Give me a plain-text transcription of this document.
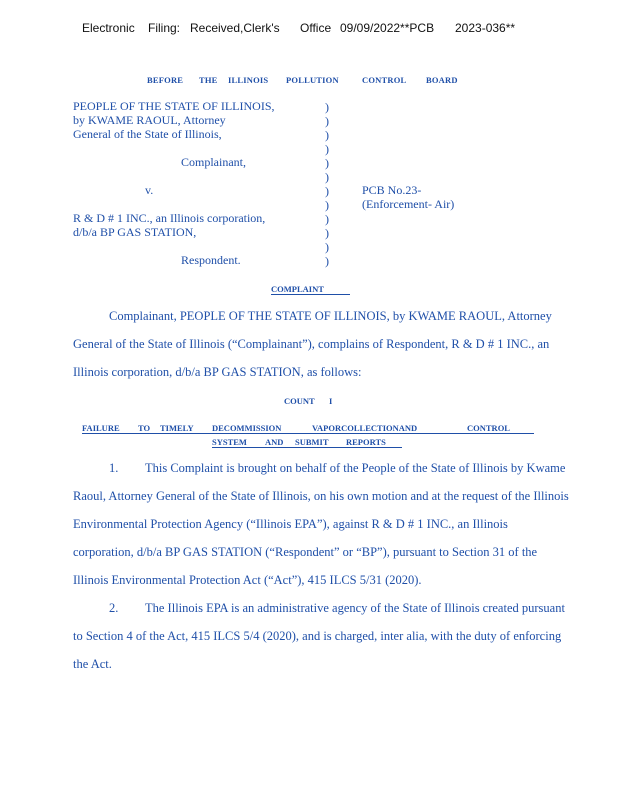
Electronic Filing: Received,Clerk's Office 09/09/2022**PCB 2023-036**
BEFORE THE ILLINOIS POLLUTION	CONTROL BOARD
PEOPLE OF THE STATE OF ILLINOIS,
by KWAME RAOUL, Attorney
General of the State of Illinois,
Complainant,
v.
R & D # 1 INC., an Illinois corporation,
d/b/a BP GAS STATION,
Respondent.
PCB No.23-
(Enforcement- Air)
)
)
)
)
)
)
)
)
)
)
)
)
COMPLAINT
Complainant, PEOPLE OF THE STATE OF ILLINOIS, by KWAME RAOUL, Attorney
General of the State of Illinois (“Complainant”), complains of Respondent, R & D # 1 INC., an
Illinois corporation, d/b/a BP GAS STATION, as follows:
COUNT I
FAILURE TO TIMELY DECOMMISSION	VAPORCOLLECTIONAND	CONTROL
SYSTEM AND SUBMIT REPORTS
1. This Complaint is brought on behalf of the People of the State of Illinois by Kwame
Raoul, Attorney General of the State of Illinois, on his own motion and at the request of the Illinois
Environmental Protection Agency (“Illinois EPA”), against R & D # 1 INC., an Illinois
corporation, d/b/a BP GAS STATION (“Respondent” or “BP”), pursuant to Section 31 of the
Illinois Environmental Protection Act (“Act”), 415 ILCS 5/31 (2020).
2. The Illinois EPA is an administrative agency of the State of Illinois created pursuant
to Section 4 of the Act, 415 ILCS 5/4 (2020), and is charged, inter alia, with the duty of enforcing
the Act.
